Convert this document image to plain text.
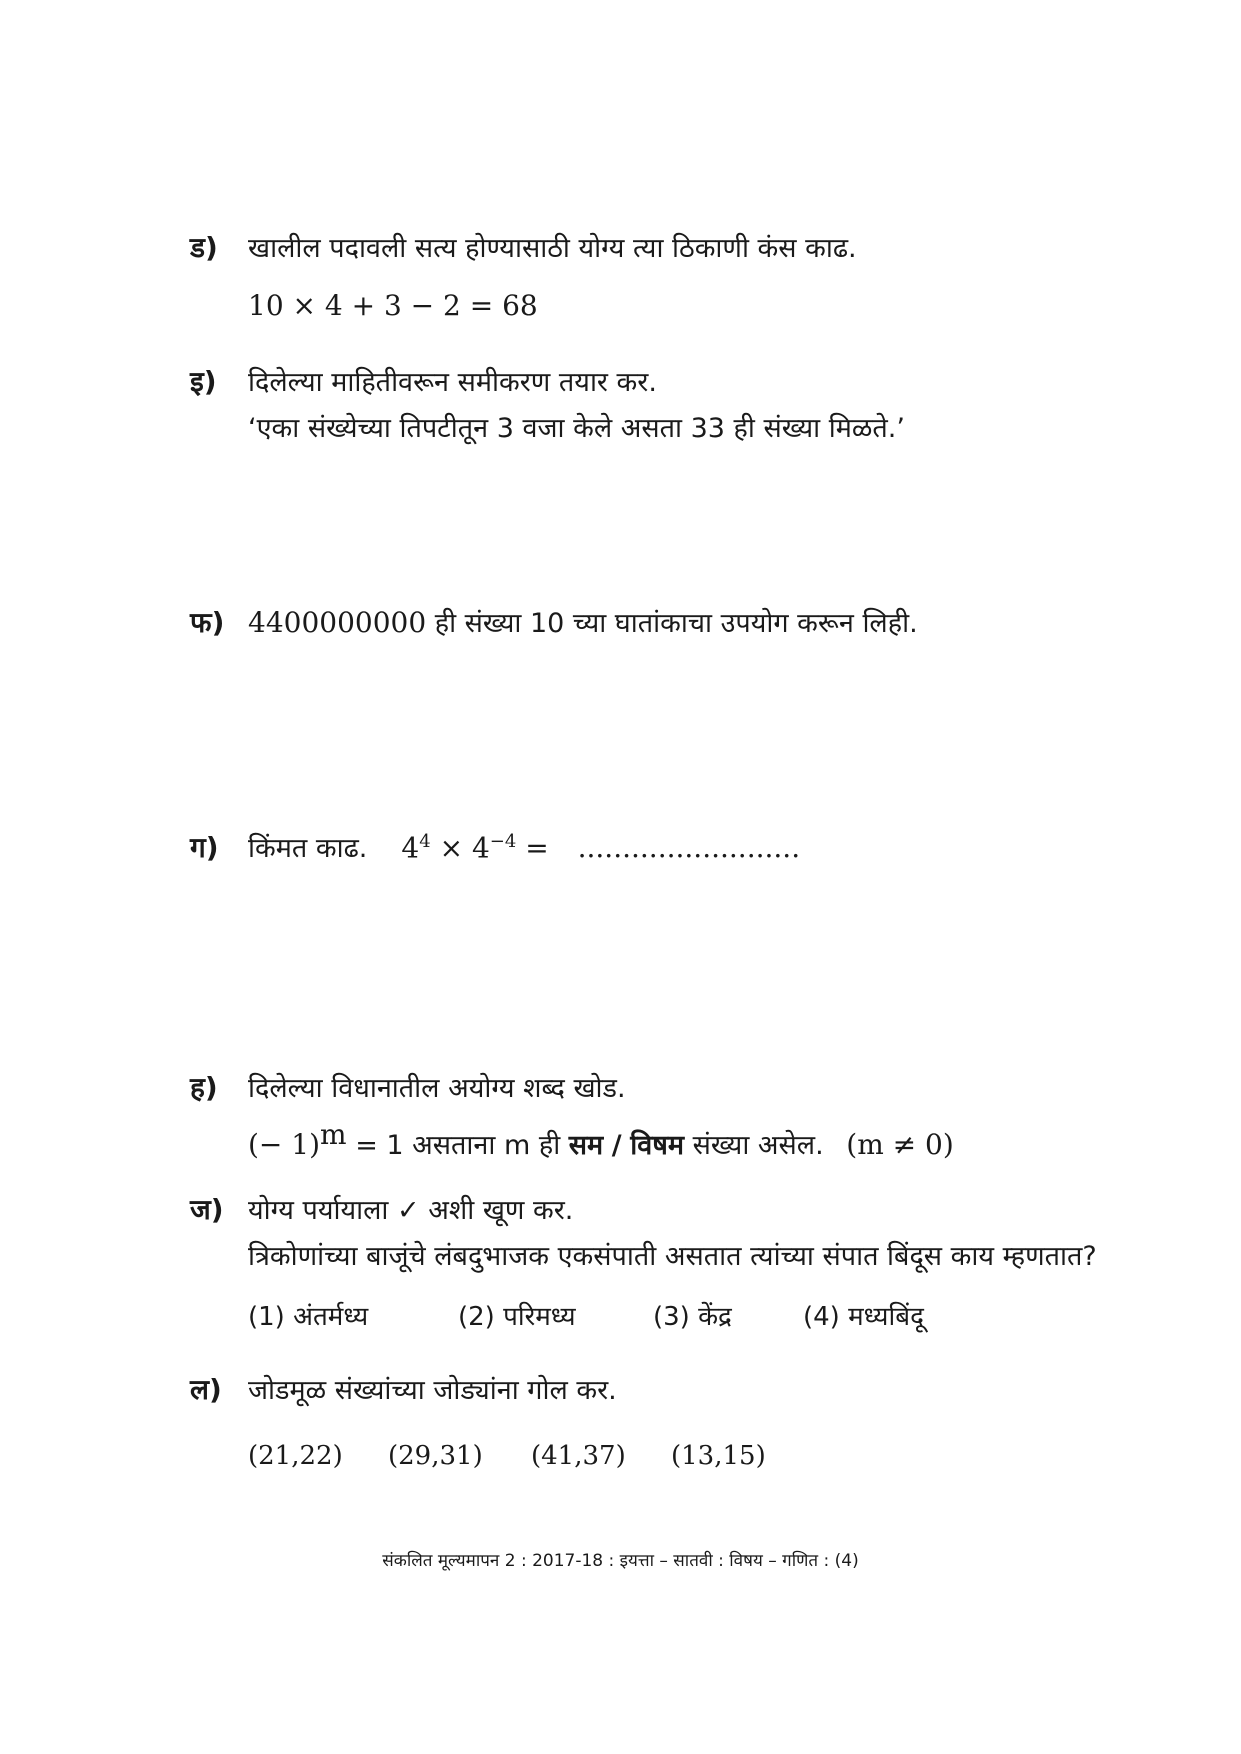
ड)	खालील पदावली सत्य होण्यासाठी योग्य त्या ठिकाणी कंस काढ.
10 × 4 + 3 − 2 = 68
इ)	दिलेल्या माहितीवरून समीकरण तयार कर.
‘एका संख्येच्या तिपटीतून 3 वजा केले असता 33 ही संख्या मिळते.’
फ) 4400000000 ही संख्या 10 च्या घातांकाचा उपयोग करून लिही.
ग)	किंमत काढ. $4^4 \times 4^{-4}$ = .........................
ह)	दिलेल्या विधानातील अयोग्य शब्द खोड.
(− 1)$^m$ = 1 असताना m ही सम / विषम संख्या असेल. (m ≠ 0)
ज) योग्य पर्यायाला ✓ अशी खूण कर.
त्रिकोणांच्या बाजूंचे लंबदुभाजक एकसंपाती असतात त्यांच्या संपात बिंदूस काय म्हणतात?
(1) अंतर्मध्य	(2) परिमध्य	(3) केंद्र	(4) मध्यबिंदू
ल) जोडमूळ संख्यांच्या जोड्यांना गोल कर.
(21,22)	(29,31)	(41,37)	(13,15)
संकलित मूल्यमापन 2 : 2017-18 : इयत्ता – सातवी : विषय – गणित : (4)
